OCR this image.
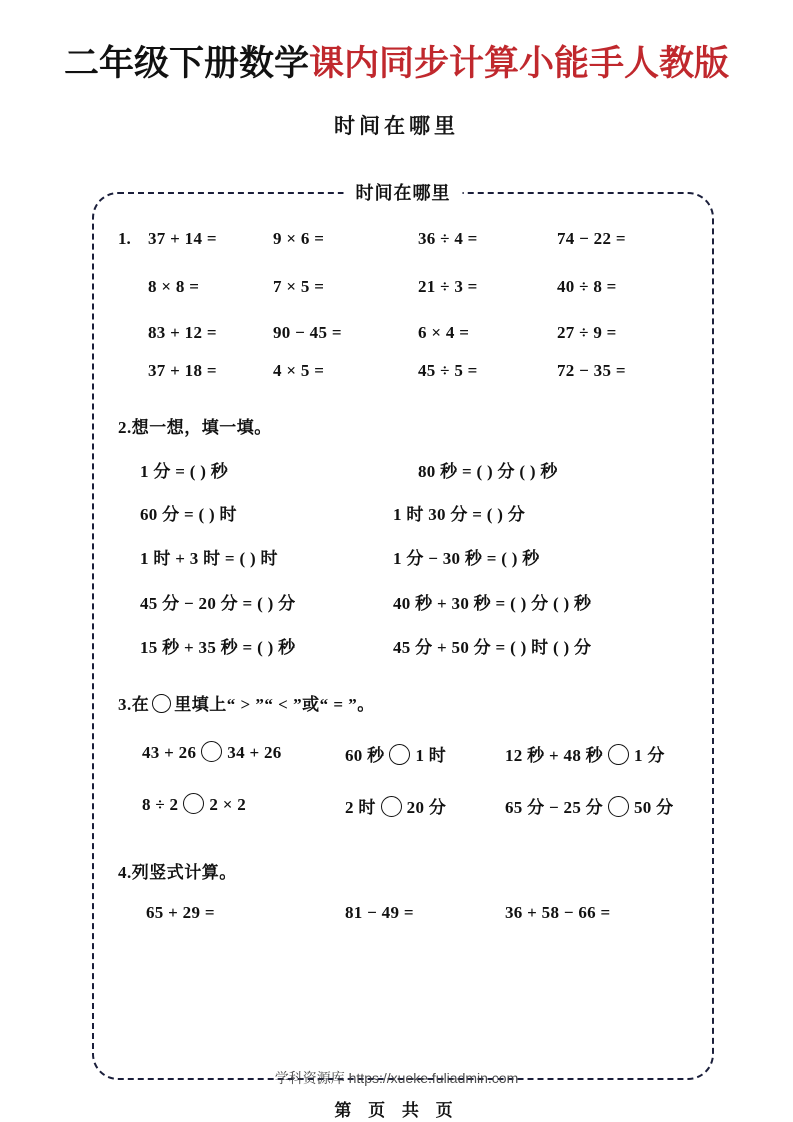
二年级下册数学课内同步计算小能手人教版
时间在哪里
时间在哪里
1. 37 + 14 =	9 × 6 =	36 ÷ 4 =	74 − 22 =
8 × 8 =	7 × 5 =	21 ÷ 3 =	40 ÷ 8 =
83 + 12 =	90 − 45 =	6 × 4 =	27 ÷ 9 =
37 + 18 =	4 × 5 =	45 ÷ 5 =	72 − 35 =
2.想一想，填一填。
1 分 = ( ) 秒	80 秒 = ( ) 分 ( ) 秒
60 分 = ( ) 时	1 时 30 分 = ( ) 分
1 时 + 3 时 = ( ) 时	1 分 − 30 秒 = ( ) 秒
45 分 − 20 分 = ( ) 分	40 秒 + 30 秒 = ( ) 分 ( ) 秒
15 秒 + 35 秒 = ( ) 秒	45 分 + 50 分 = ( ) 时 ( ) 分
3.在 里填上“ > ”“ < ”或“ = ”。
43 + 26 34 + 26	60 秒 1 时	12 秒 + 48 秒 1 分
8 ÷ 2 2 × 2	2 时 20 分	65 分 − 25 分 50 分
4.列竖式计算。
65 + 29 =	81 − 49 =	36 + 58 − 66 =
学科资源库 https://xueke.fuliadmin.com
第 页 共 页
